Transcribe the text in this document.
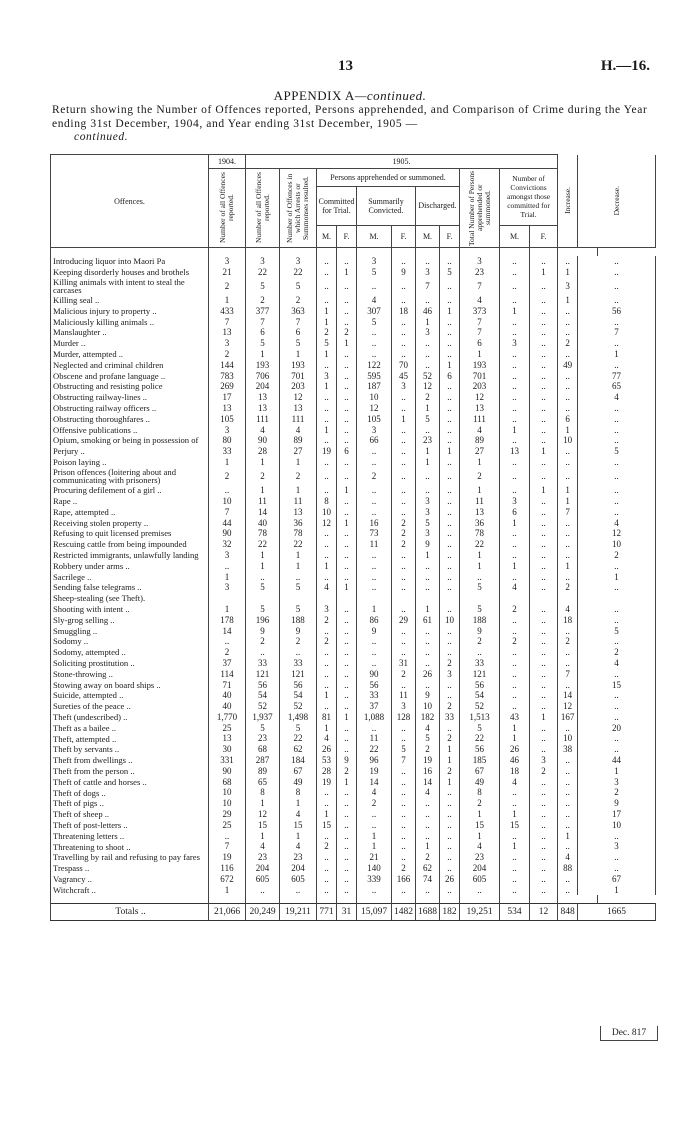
13	H.—16.
APPENDIX A—continued.
Return showing the Number of Offences reported, Persons apprehended, and Comparison of Crime during the Year ending 31st December, 1904, and Year ending 31st December, 1905 —
continued.
Offences.	1904.	1905.											Increase.	Decrease.

	Number of all Offences reported.	Number of all Offences reported.	Number of Offences in which Arrests or Summonses resulted.	Persons apprehended or summoned.						Total Number of Persons apprehended or summoned.	Number of Convictions amongst those committed for Trial.			
				Committed for Trial.		Summarily Convicted.		Discharged.						
				M.	F.	M.	F.	M.	F.		M.	F.		

Introducing liquor into Maori Pa	3	3	3	..	..	3	..	..	..	3	..	..	..	..
Keeping disorderly houses and brothels	21	22	22	..	1	5	9	3	5	23	..	1	1	..
Killing animals with intent to steal the carcases	2	5	5	..	..	..	..	7	..	7	..	..	3	..
Killing seal ..	1	2	2	..	..	4	..	..	..	4	..	..	1	..
Malicious injury to property ..	433	377	363	1	..	307	18	46	1	373	1	..	..	56
Maliciously killing animals ..	7	7	7	1	..	5	..	1	..	7	..	..	..	..
Manslaughter ..	13	6	6	2	2	..	..	3	..	7	..	..	..	7
Murder ..	3	5	5	5	1	..	..	..	..	6	3	..	2	..
Murder, attempted ..	2	1	1	1	..	..	..	..	..	1	..	..	..	1
Neglected and criminal children	144	193	193	..	..	122	70	..	1	193	..	..	49	..
Obscene and profane language ..	783	706	701	3	..	595	45	52	6	701	..	..	..	77
Obstructing and resisting police	269	204	203	1	..	187	3	12	..	203	..	..	..	65
Obstructing railway-lines ..	17	13	12	..	..	10	..	2	..	12	..	..	..	4
Obstructing railway officers ..	13	13	13	..	..	12	..	1	..	13	..	..	..	..
Obstructing thoroughfares ..	105	111	111	..	..	105	1	5	..	111	..	..	6	..
Offensive publications ..	3	4	4	1	..	3	..	..	..	4	1	..	1	..
Opium, smoking or being in possession of	80	90	89	..	..	66	..	23	..	89	..	..	10	..
Perjury ..	33	28	27	19	6	..	..	1	1	27	13	1	..	5
Poison laying ..	1	1	1	..	..	..	..	1	..	1	..	..	..	..
Prison offences (loitering about and communicating with prisoners)	2	2	2	..	..	2	..	..	..	2	..	..	..	..
Procuring defilement of a girl ..	..	1	1	..	1	..	..	..	..	1	..	1	1	..
Rape ..	10	11	11	8	..	..	..	3	..	11	3	..	1	..
Rape, attempted ..	7	14	13	10	..	..	..	3	..	13	6	..	7	..
Receiving stolen property ..	44	40	36	12	1	16	2	5	..	36	1	..	..	4
Refusing to quit licensed premises	90	78	78	..	..	73	2	3	..	78	..	..	..	12
Rescuing cattle from being impounded	32	22	22	..	..	11	2	9	..	22	..	..	..	10
Restricted immigrants, unlawfully landing	3	1	1	..	..	..	..	1	..	1	..	..	..	2
Robbery under arms ..	..	1	1	1	..	..	..	..	..	1	1	..	1	..
Sacrilege ..	1	..	..	..	..	..	..	..	..	..	..	..	..	1
Sending false telegrams ..	3	5	5	4	1	..	..	..	..	5	4	..	2	..
Sheep-stealing (see Theft).														
Shooting with intent ..	1	5	5	3	..	1	..	1	..	5	2	..	4	..
Sly-grog selling ..	178	196	188	2	..	86	29	61	10	188	..	..	18	..
Smuggling ..	14	9	9	..	..	9	..	..	..	9	..	..	..	5
Sodomy ..	..	2	2	2	..	..	..	..	..	2	2	..	2	..
Sodomy, attempted ..	2	..	..	..	..	..	..	..	..	..	..	..	..	2
Soliciting prostitution ..	37	33	33	..	..	..	31	..	2	33	..	..	..	4
Stone-throwing ..	114	121	121	..	..	90	2	26	3	121	..	..	7	..
Stowing away on board ships ..	71	56	56	..	..	56	..	..	..	56	..	..	..	15
Suicide, attempted ..	40	54	54	1	..	33	11	9	..	54	..	..	14	..
Sureties of the peace ..	40	52	52	..	..	37	3	10	2	52	..	..	12	..
Theft (undescribed) ..	1,770	1,937	1,498	81	1	1,088	128	182	33	1,513	43	1	167	..
Theft as a bailee ..	25	5	5	1	..	..	..	4	..	5	1	..	..	20
Theft, attempted ..	13	23	22	4	..	11	..	5	2	22	1	..	10	..
Theft by servants ..	30	68	62	26	..	22	5	2	1	56	26	..	38	..
Theft from dwellings ..	331	287	184	53	9	96	7	19	1	185	46	3	..	44
Theft from the person ..	90	89	67	28	2	19	..	16	2	67	18	2	..	1
Theft of cattle and horses ..	68	65	49	19	1	14	..	14	1	49	4	..	..	3
Theft of dogs ..	10	8	8	..	..	4	..	4	..	8	..	..	..	2
Theft of pigs ..	10	1	1	..	..	2	..	..	..	2	..	..	..	9
Theft of sheep ..	29	12	4	1	..	..	..	..	..	1	1	..	..	17
Theft of post-letters ..	25	15	15	15	..	..	..	..	..	15	15	..	..	10
Threatening letters ..	..	1	1	..	..	1	..	..	..	1	..	..	1	..
Threatening to shoot ..	7	4	4	2	..	1	..	1	..	4	1	..	..	3
Travelling by rail and refusing to pay fares	19	23	23	..	..	21	..	2	..	23	..	..	4	..
Trespass ..	116	204	204	..	..	140	2	62	..	204	..	..	88	..
Vagrancy ..	672	605	605	..	..	339	166	74	26	605	..	..	..	67
Witchcraft ..	1	..	..	..	..	..	..	..	..	..	..	..	..	1

Totals ..	21,066	20,249	19,211	771	31	15,097	1482	1688	182	19,251	534	12	848	1665
Dec. 817
